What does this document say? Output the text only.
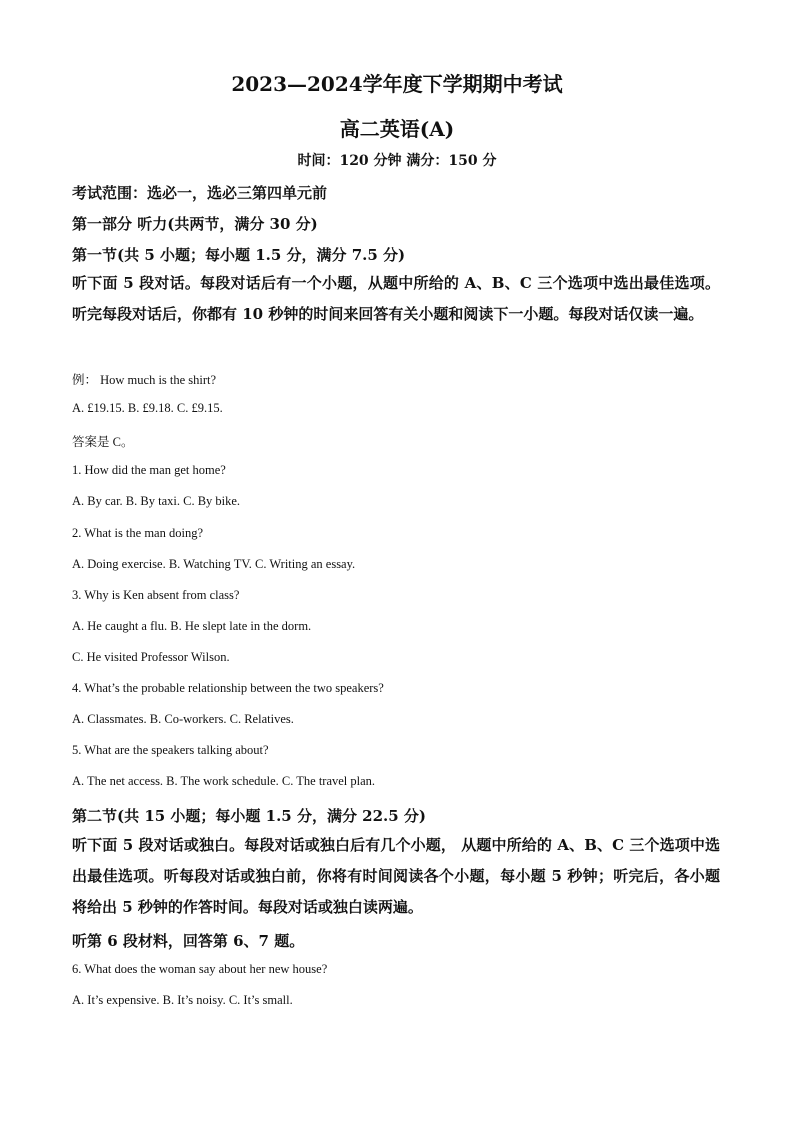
2023—2024学年度下学期期中考试
高二英语(A)
时间：120 分钟 满分：150 分
考试范围：选必一，选必三第四单元前
第一部分 听力(共两节，满分 30 分)
第一节(共 5 小题；每小题 1.5 分，满分 7.5 分)
听下面 5 段对话。每段对话后有一个小题，从题中所给的 A、B、C 三个选项中选出最佳选项。听完每段对话后，你都有 10 秒钟的时间来回答有关小题和阅读下一小题。每段对话仅读一遍。
例： How much is the shirt?
A. £19.15. B. £9.18. C. £9.15.
答案是 C。
1. How did the man get home?
A. By car. B. By taxi. C. By bike.
2. What is the man doing?
A. Doing exercise. B. Watching TV. C. Writing an essay.
3. Why is Ken absent from class?
A. He caught a flu. B. He slept late in the dorm.
C. He visited Professor Wilson.
4. What’s the probable relationship between the two speakers?
A. Classmates. B. Co-workers. C. Relatives.
5. What are the speakers talking about?
A. The net access. B. The work schedule. C. The travel plan.
第二节(共 15 小题；每小题 1.5 分，满分 22.5 分)
听下面 5 段对话或独白。每段对话或独白后有几个小题， 从题中所给的 A、B、C 三个选项中选出最佳选项。听每段对话或独白前，你将有时间阅读各个小题，每小题 5 秒钟；听完后，各小题将给出 5 秒钟的作答时间。每段对话或独白读两遍。
听第 6 段材料，回答第 6、7 题。
6. What does the woman say about her new house?
A. It’s expensive. B. It’s noisy. C. It’s small.
